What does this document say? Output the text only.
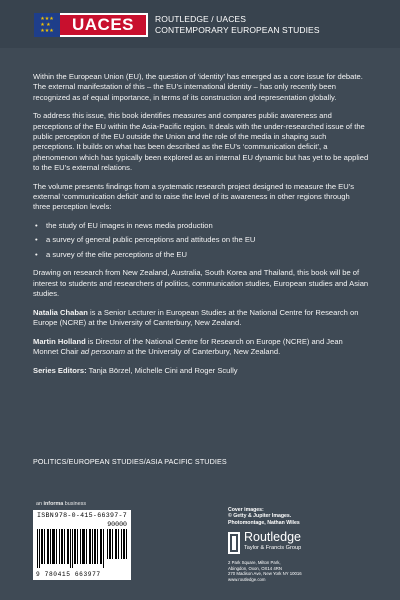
★★★
★ ★
★★★	UACES	ROUTLEDGE / UACES
CONTEMPORARY EUROPEAN STUDIES

Within the European Union (EU), the question of ‘identity’ has emerged as a core issue for debate. The external manifestation of this – the EU’s international identity – has only recently been recognized as of equal importance, in terms of its construction and representation globally.

To address this issue, this book identifies measures and compares public awareness and perceptions of the EU within the Asia-Pacific region. It deals with the under-researched issue of the public perception of the EU outside the Union and the role of the media in shaping such perceptions. It builds on what has been described as the EU’s ‘communication deficit’, a phenomenon which has typically been explored as an internal EU dynamic but has yet to be applied to the EU’s external relations.

The volume presents findings from a systematic research project designed to measure the EU’s external ‘communication deficit’ and to raise the level of its awareness in other regions through three perception levels:

• the study of EU images in news media production
• a survey of general public perceptions and attitudes on the EU
• a survey of the elite perceptions of the EU

Drawing on research from New Zealand, Australia, South Korea and Thailand, this book will be of interest to students and researchers of politics, communication studies, European studies and Asian studies.

Natalia Chaban is a Senior Lecturer in European Studies at the National Centre for Research on Europe (NCRE) at the University of Canterbury, New Zealand.

Martin Holland is Director of the National Centre for Research on Europe (NCRE) and Jean Monnet Chair ad personam at the University of Canterbury, New Zealand.

Series Editors: Tanja Börzel, Michelle Cini and Roger Scully

POLITICS/EUROPEAN STUDIES/ASIA PACIFIC STUDIES
an informa business
ISBN 978-0-415-66397-7
90000
9 780415 663977
Cover images:
© Getty & Jupiter Images.
Photomontage, Nathan Wiles
Routledge
Taylor & Francis Group
2 Park Square, Milton Park,
Abingdon, Oxon, OX14 4RN
270 Madison Ave, New York NY 10016
www.routledge.com
